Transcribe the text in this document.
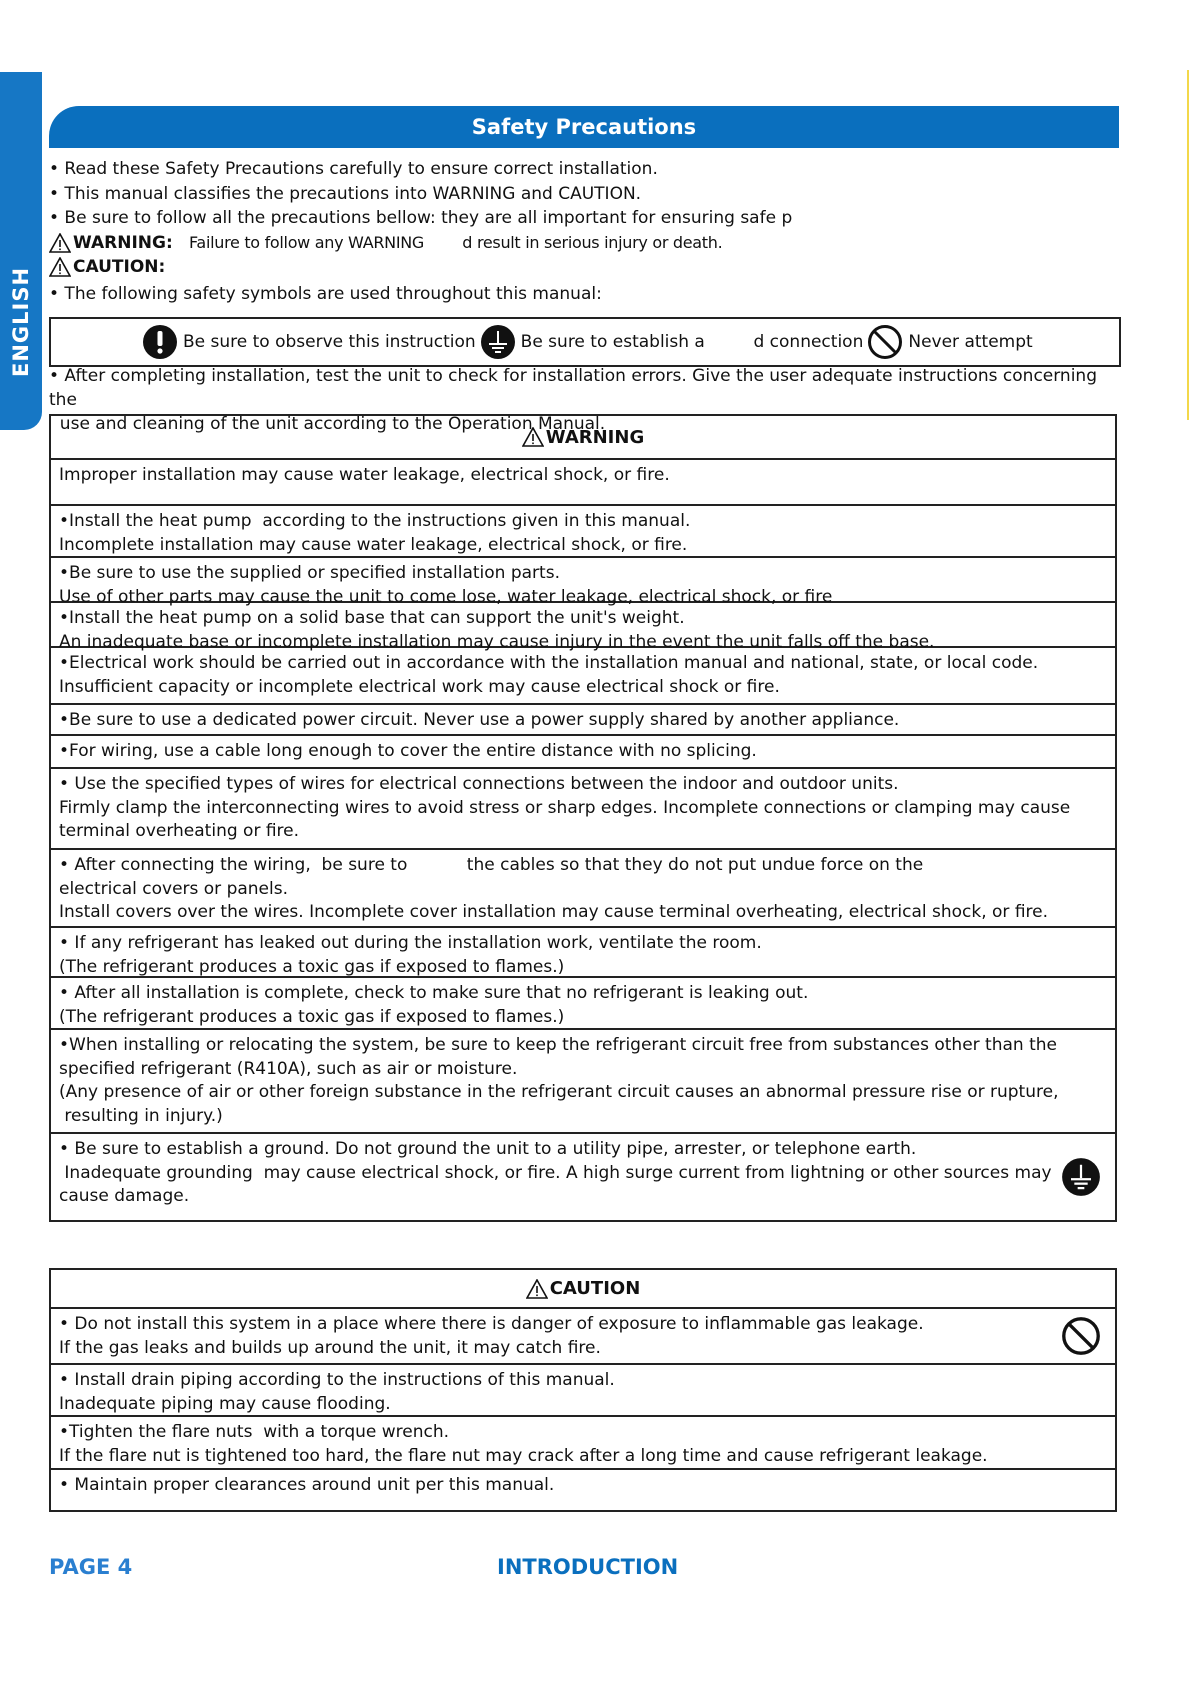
ENGLISH
Safety Precautions

• Read these Safety Precautions carefully to ensure correct installation.

• This manual classifies the precautions into WARNING and CAUTION.

• Be sure to follow all the precautions bellow: they are all important for ensuring safe p

WARNING:
Failure to follow any WARNING        d result in serious injury or death.

CAUTION:

• The following safety symbols are used throughout this manual:

Be sure to observe this instruction	Be sure to establish a         d connection	Never attempt

• After completing installation, test the unit to check for installation errors. Give the user adequate instructions concerning the

use and cleaning of the unit according to the Operation Manual.

WARNING

Improper installation may cause water leakage, electrical shock, or fire.

•Install the heat pump  according to the instructions given in this manual.

Incomplete installation may cause water leakage, electrical shock, or fire.

•Be sure to use the supplied or specified installation parts.

Use of other parts may cause the unit to come lose, water leakage, electrical shock, or fire

•Install the heat pump on a solid base that can support the unit's weight.

An inadequate base or incomplete installation may cause injury in the event the unit falls off the base.

•Electrical work should be carried out in accordance with the installation manual and national, state, or local code.

Insufficient capacity or incomplete electrical work may cause electrical shock or fire.

•Be sure to use a dedicated power circuit. Never use a power supply shared by another appliance.

•For wiring, use a cable long enough to cover the entire distance with no splicing.

• Use the specified types of wires for electrical connections between the indoor and outdoor units.

Firmly clamp the interconnecting wires to avoid stress or sharp edges. Incomplete connections or clamping may cause

terminal overheating or fire.

• After connecting the wiring,  be sure to           the cables so that they do not put undue force on the

electrical covers or panels.

Install covers over the wires. Incomplete cover installation may cause terminal overheating, electrical shock, or fire.

• If any refrigerant has leaked out during the installation work, ventilate the room.

(The refrigerant produces a toxic gas if exposed to flames.)

• After all installation is complete, check to make sure that no refrigerant is leaking out.

(The refrigerant produces a toxic gas if exposed to flames.)

•When installing or relocating the system, be sure to keep the refrigerant circuit free from substances other than the

specified refrigerant (R410A), such as air or moisture.

(Any presence of air or other foreign substance in the refrigerant circuit causes an abnormal pressure rise or rupture,

resulting in injury.)

• Be sure to establish a ground. Do not ground the unit to a utility pipe, arrester, or telephone earth.

Inadequate grounding  may cause electrical shock, or fire. A high surge current from lightning or other sources may

cause damage.

CAUTION

• Do not install this system in a place where there is danger of exposure to inflammable gas leakage.

If the gas leaks and builds up around the unit, it may catch fire.

• Install drain piping according to the instructions of this manual.

Inadequate piping may cause flooding.

•Tighten the flare nuts  with a torque wrench.

If the flare nut is tightened too hard, the flare nut may crack after a long time and cause refrigerant leakage.

• Maintain proper clearances around unit per this manual.

PAGE 4	INTRODUCTION
